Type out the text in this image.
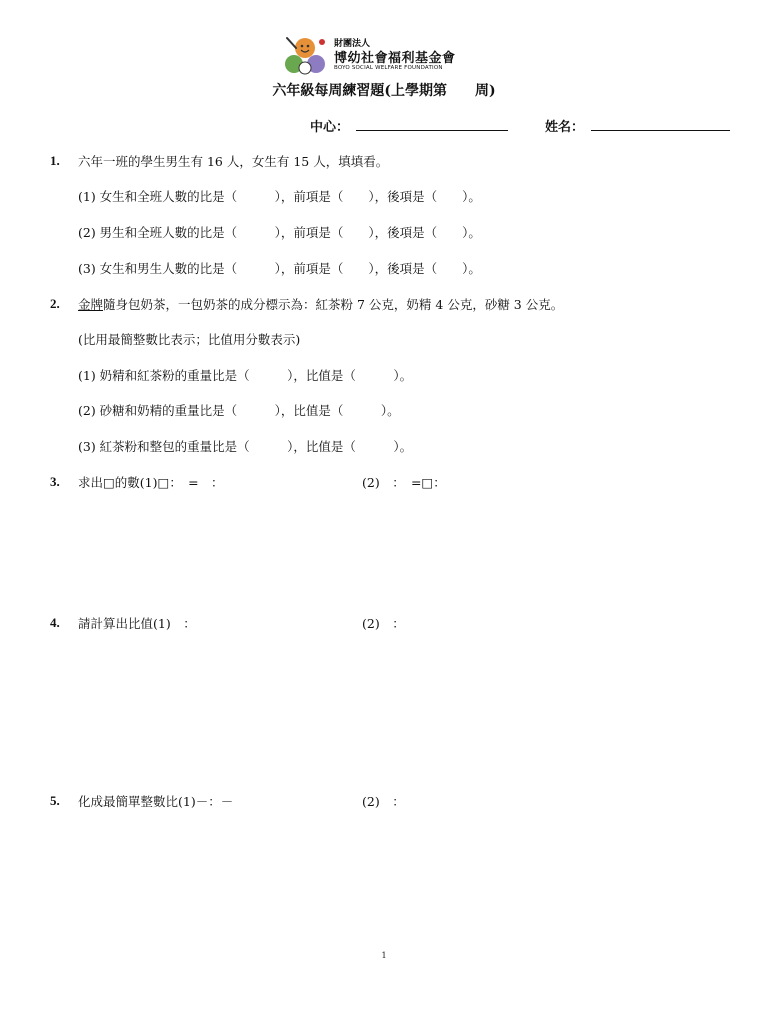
財團法人
博幼社會福利基金會
BOYO SOCIAL WELFARE FOUNDATION
六年級每周練習題(上學期第　　周)
中心：	姓名：
1. 六年一班的學生男生有 16 人，女生有 15 人，填填看。
(1) 女生和全班人數的比是（　　　），前項是（　　），後項是（　　）。
(2) 男生和全班人數的比是（　　　），前項是（　　），後項是（　　）。
(3) 女生和男生人數的比是（　　　），前項是（　　），後項是（　　）。
2. 金牌隨身包奶茶，一包奶茶的成分標示為：紅茶粉 7 公克，奶精 4 公克，砂糖 3 公克。
(比用最簡整數比表示；比值用分數表示)
(1) 奶精和紅茶粉的重量比是（　　　），比值是（　　　）。
(2) 砂糖和奶精的重量比是（　　　），比值是（　　　）。
(3) 紅茶粉和整包的重量比是（　　　），比值是（　　　）。
3. 求出□的數(1)□：　=　：	(2)　：　=□：
4. 請計算出比值(1)　：	(2)　：
5. 化成最簡單整數比(1)－：－	(2)　：
1
